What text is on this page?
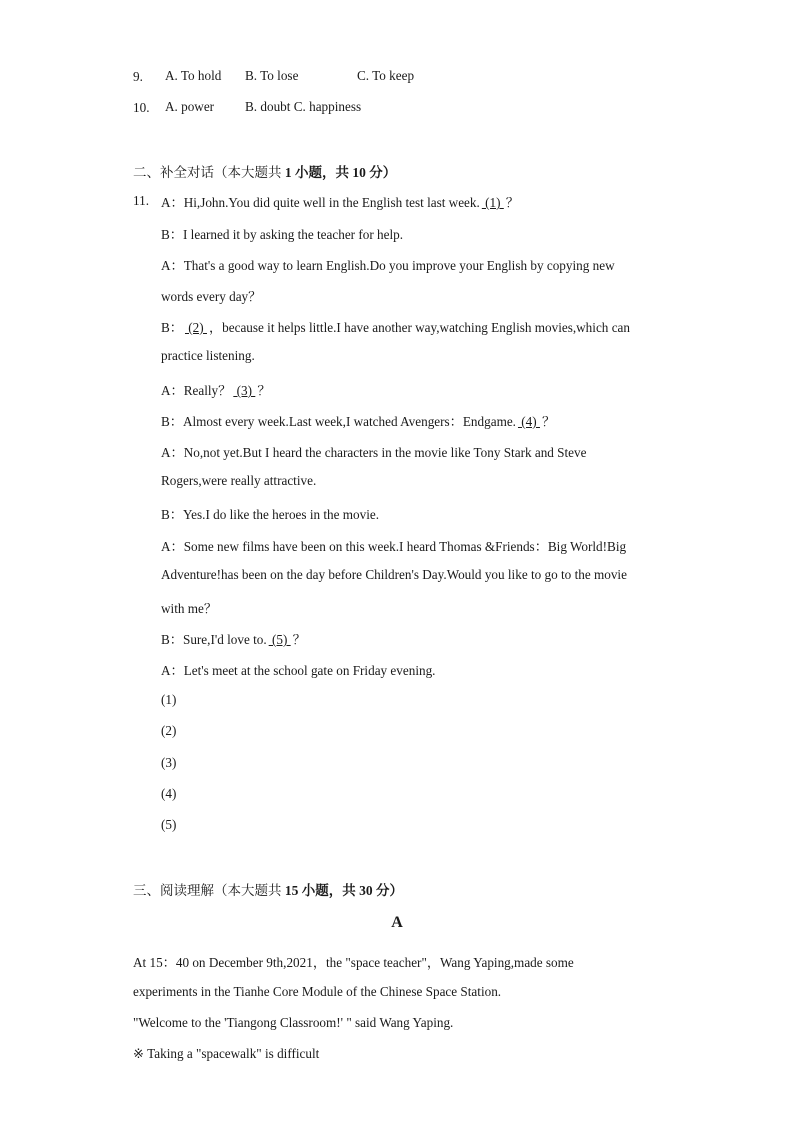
9. A. To hold B. To lose	C. To keep
10. A. power B. doubt C. happiness
二、补全对话（本大题共 1 小题，共 10 分）
11. A：Hi,John.You did quite well in the English test last week. (1) ？
B：I learned it by asking the teacher for help.
A：That's a good way to learn English.Do you improve your English by copying new
words every day？
B： (2) ，because it helps little.I have another way,watching English movies,which can
practice listening.
A：Really？ (3) ？
B：Almost every week.Last week,I watched Avengers：Endgame. (4) ？
A：No,not yet.But I heard the characters in the movie like Tony Stark and Steve
Rogers,were really attractive.
B：Yes.I do like the heroes in the movie.
A：Some new films have been on this week.I heard Thomas &Friends：Big World!Big
Adventure!has been on the day before Children's Day.Would you like to go to the movie
with me？
B：Sure,I'd love to. (5) ？
A：Let's meet at the school gate on Friday evening.
(1)
(2)
(3)
(4)
(5)
三、阅读理解（本大题共 15 小题，共 30 分）
A
At 15：40 on December 9th,2021，the "space teacher"，Wang Yaping,made some
experiments in the Tianhe Core Module of the Chinese Space Station.
"Welcome to the 'Tiangong Classroom!' " said Wang Yaping.
※ Taking a "spacewalk" is difficult
